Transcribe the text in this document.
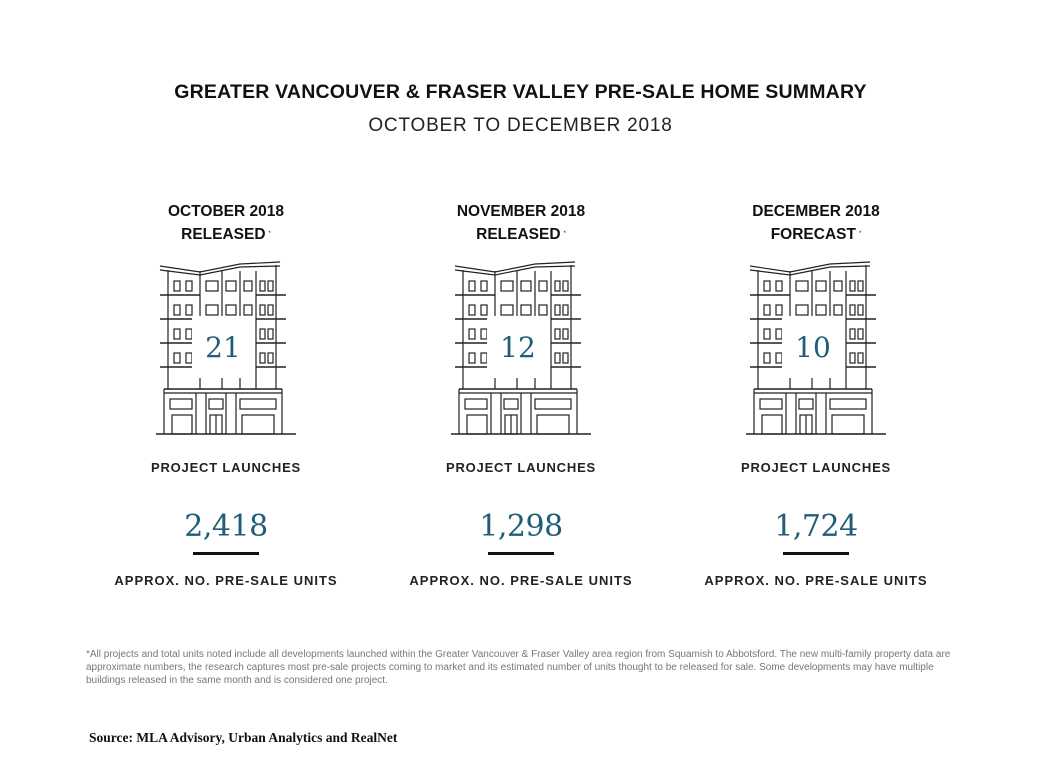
GREATER VANCOUVER & FRASER VALLEY PRE-SALE HOME SUMMARY
OCTOBER TO DECEMBER 2018
OCTOBER 2018
RELEASED *
21
PROJECT LAUNCHES
2,418
APPROX. NO. PRE-SALE UNITS
NOVEMBER 2018
RELEASED *
12
PROJECT LAUNCHES
1,298
APPROX. NO. PRE-SALE UNITS
DECEMBER 2018
FORECAST *
10
PROJECT LAUNCHES
1,724
APPROX. NO. PRE-SALE UNITS
*All projects and total units noted include all developments launched within the Greater Vancouver & Fraser Valley area region from Squamish to Abbotsford. The new multi-family property data are approximate numbers, the research captures most pre-sale projects coming to market and its estimated number of units thought to be released for sale. Some developments may have multiple buildings released in the same month and is considered one project.
Source: MLA Advisory, Urban Analytics and RealNet
